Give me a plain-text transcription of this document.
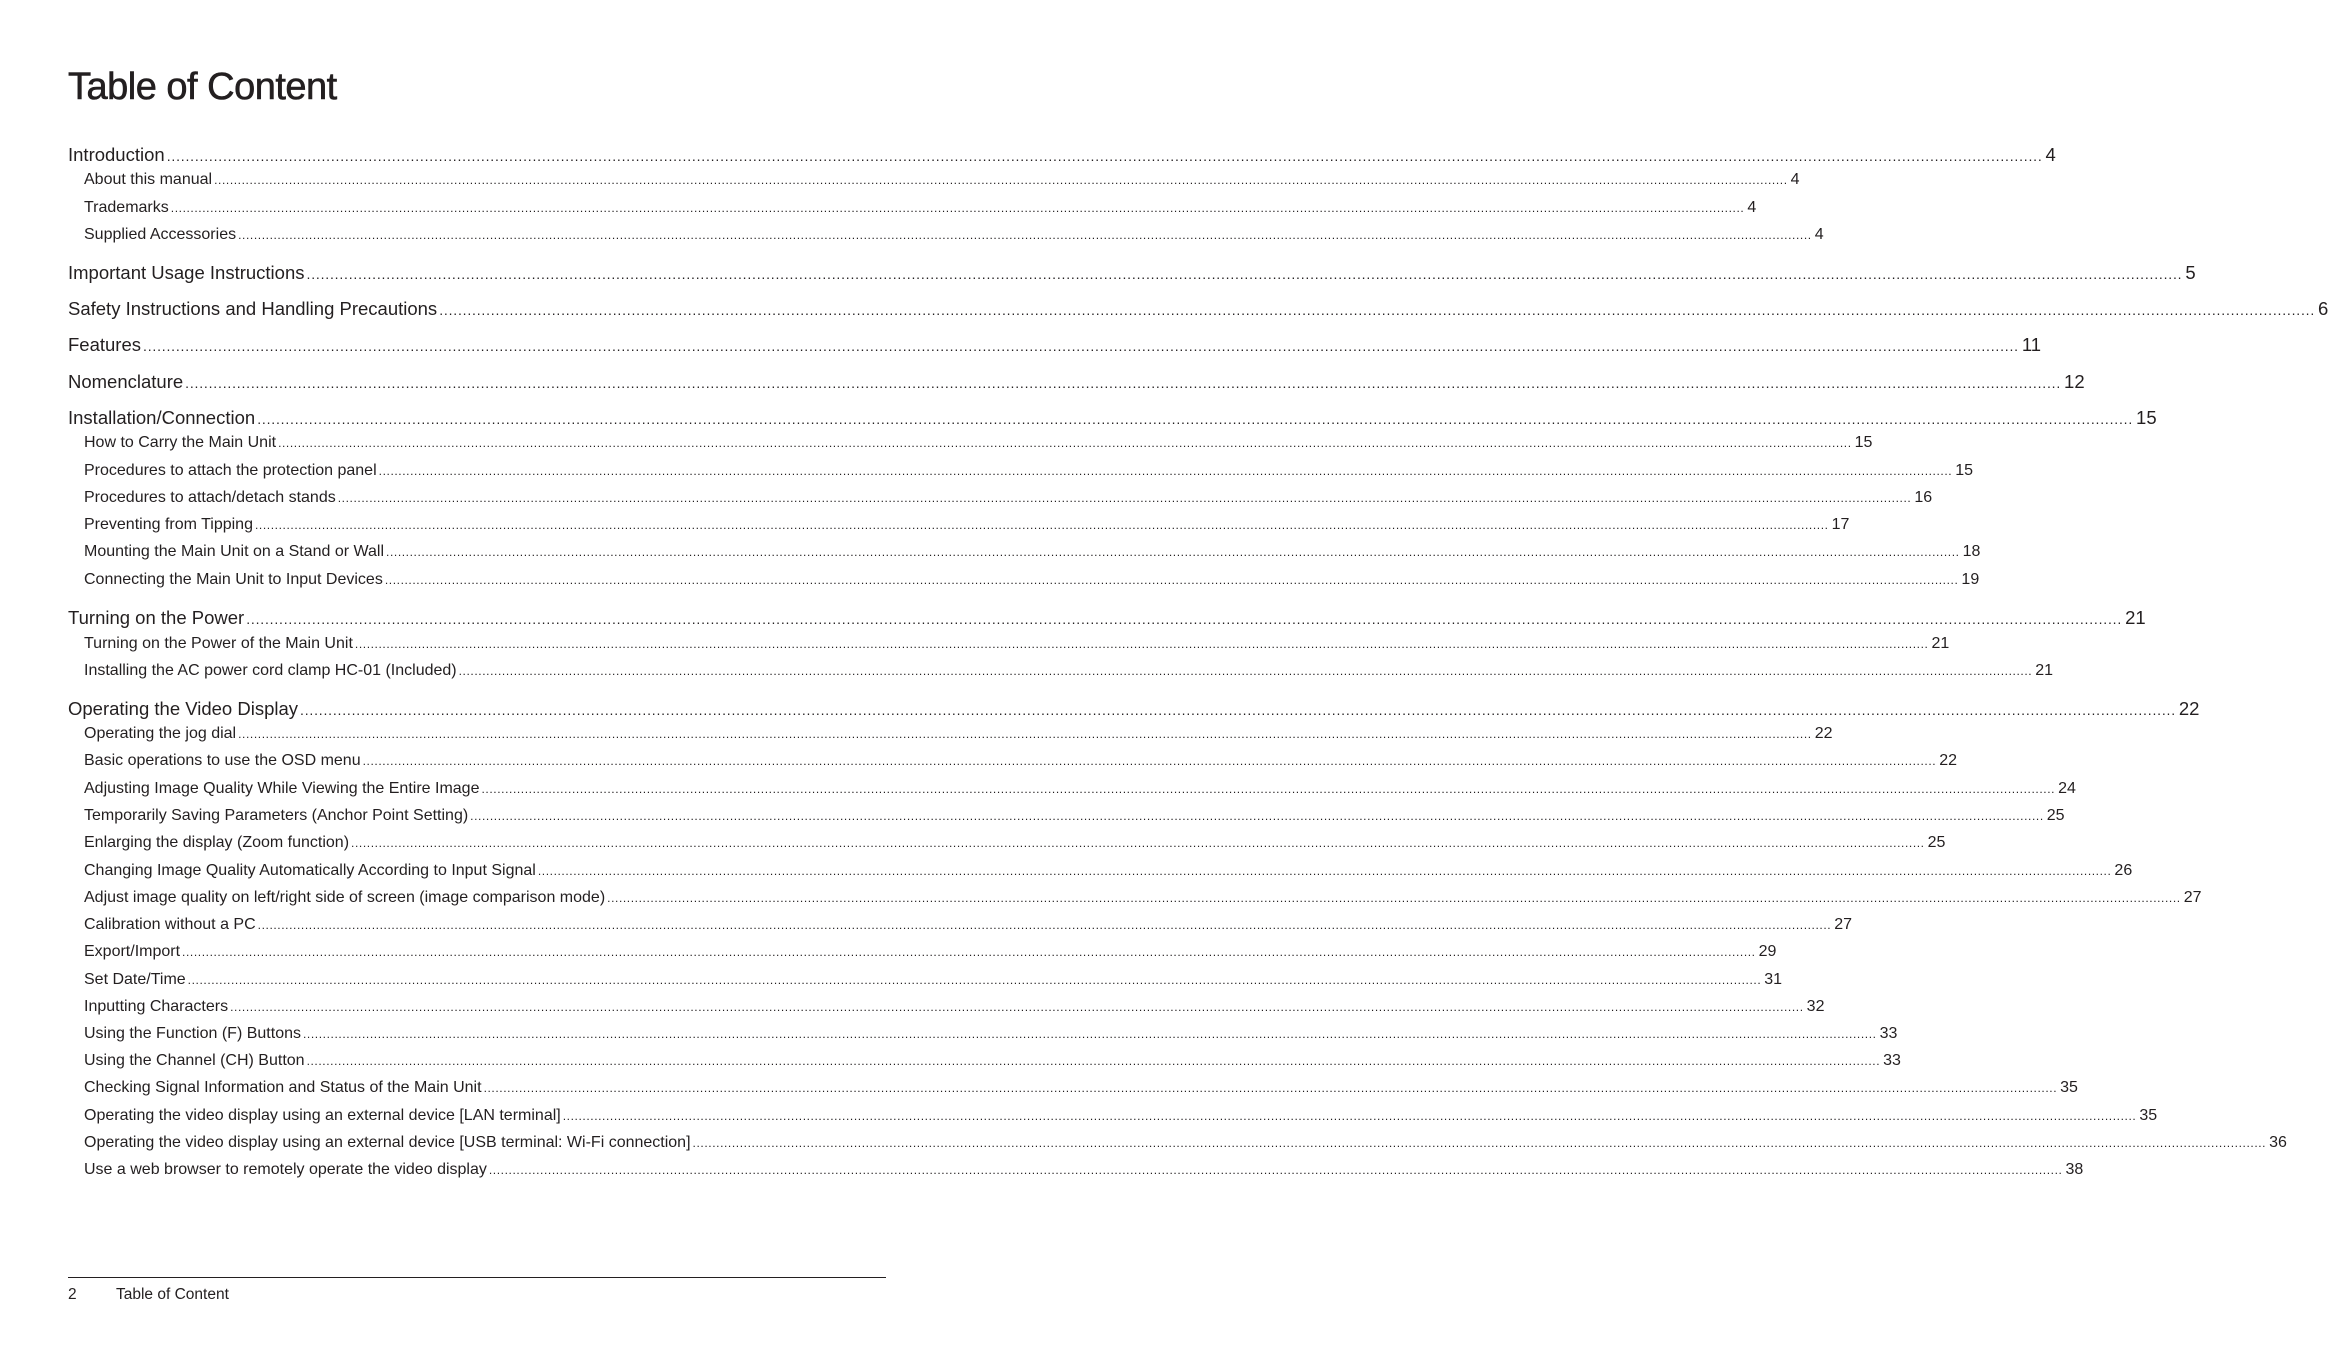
Table of Content
Introduction ................................................................................................................................................................................................................................................................................................................................................................................................................ 4
About this manual ................................................................................................................................................................................................................................................................................................................................................................................................................ 4
Trademarks ................................................................................................................................................................................................................................................................................................................................................................................................................ 4
Supplied Accessories ................................................................................................................................................................................................................................................................................................................................................................................................................ 4
Important Usage Instructions ................................................................................................................................................................................................................................................................................................................................................................................................................ 5
Safety Instructions and Handling Precautions ................................................................................................................................................................................................................................................................................................................................................................................................................ 6
Features ................................................................................................................................................................................................................................................................................................................................................................................................................ 11
Nomenclature ................................................................................................................................................................................................................................................................................................................................................................................................................ 12
Installation/Connection ................................................................................................................................................................................................................................................................................................................................................................................................................ 15
How to Carry the Main Unit ................................................................................................................................................................................................................................................................................................................................................................................................................ 15
Procedures to attach the protection panel ................................................................................................................................................................................................................................................................................................................................................................................................................ 15
Procedures to attach/detach stands ................................................................................................................................................................................................................................................................................................................................................................................................................ 16
Preventing from Tipping ................................................................................................................................................................................................................................................................................................................................................................................................................ 17
Mounting the Main Unit on a Stand or Wall ................................................................................................................................................................................................................................................................................................................................................................................................................ 18
Connecting the Main Unit to Input Devices ................................................................................................................................................................................................................................................................................................................................................................................................................ 19
Turning on the Power ................................................................................................................................................................................................................................................................................................................................................................................................................ 21
Turning on the Power of the Main Unit ................................................................................................................................................................................................................................................................................................................................................................................................................ 21
Installing the AC power cord clamp HC-01 (Included) ................................................................................................................................................................................................................................................................................................................................................................................................................ 21
Operating the Video Display ................................................................................................................................................................................................................................................................................................................................................................................................................ 22
Operating the jog dial ................................................................................................................................................................................................................................................................................................................................................................................................................ 22
Basic operations to use the OSD menu ................................................................................................................................................................................................................................................................................................................................................................................................................ 22
Adjusting Image Quality While Viewing the Entire Image ................................................................................................................................................................................................................................................................................................................................................................................................................ 24
Temporarily Saving Parameters (Anchor Point Setting) ................................................................................................................................................................................................................................................................................................................................................................................................................ 25
Enlarging the display (Zoom function) ................................................................................................................................................................................................................................................................................................................................................................................................................ 25
Changing Image Quality Automatically According to Input Signal ................................................................................................................................................................................................................................................................................................................................................................................................................ 26
Adjust image quality on left/right side of screen (image comparison mode) ................................................................................................................................................................................................................................................................................................................................................................................................................ 27
Calibration without a PC ................................................................................................................................................................................................................................................................................................................................................................................................................ 27
Export/Import ................................................................................................................................................................................................................................................................................................................................................................................................................ 29
Set Date/Time ................................................................................................................................................................................................................................................................................................................................................................................................................ 31
Inputting Characters ................................................................................................................................................................................................................................................................................................................................................................................................................ 32
Using the Function (F) Buttons ................................................................................................................................................................................................................................................................................................................................................................................................................ 33
Using the Channel (CH) Button ................................................................................................................................................................................................................................................................................................................................................................................................................ 33
Checking Signal Information and Status of the Main Unit ................................................................................................................................................................................................................................................................................................................................................................................................................ 35
Operating the video display using an external device [LAN terminal] ................................................................................................................................................................................................................................................................................................................................................................................................................ 35
Operating the video display using an external device [USB terminal: Wi-Fi connection] ................................................................................................................................................................................................................................................................................................................................................................................................................ 36
Use a web browser to remotely operate the video display ................................................................................................................................................................................................................................................................................................................................................................................................................ 38
2	Table of Content
